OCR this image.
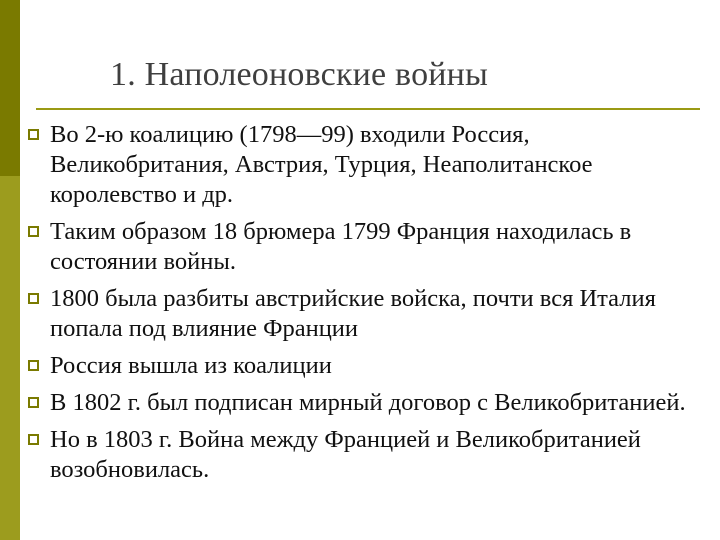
1. Наполеоновские войны
Во 2-ю коалицию (1798—99) входили Россия, Великобритания, Австрия, Турция, Неаполитанское королевство и др.
Таким образом 18 брюмера 1799 Франция находилась в состоянии войны.
1800 была разбиты австрийские войска, почти вся Италия попала под влияние Франции
Россия вышла из коалиции
В 1802 г. был подписан мирный договор с Великобританией.
Но в 1803 г. Война между Францией и Великобританией возобновилась.
